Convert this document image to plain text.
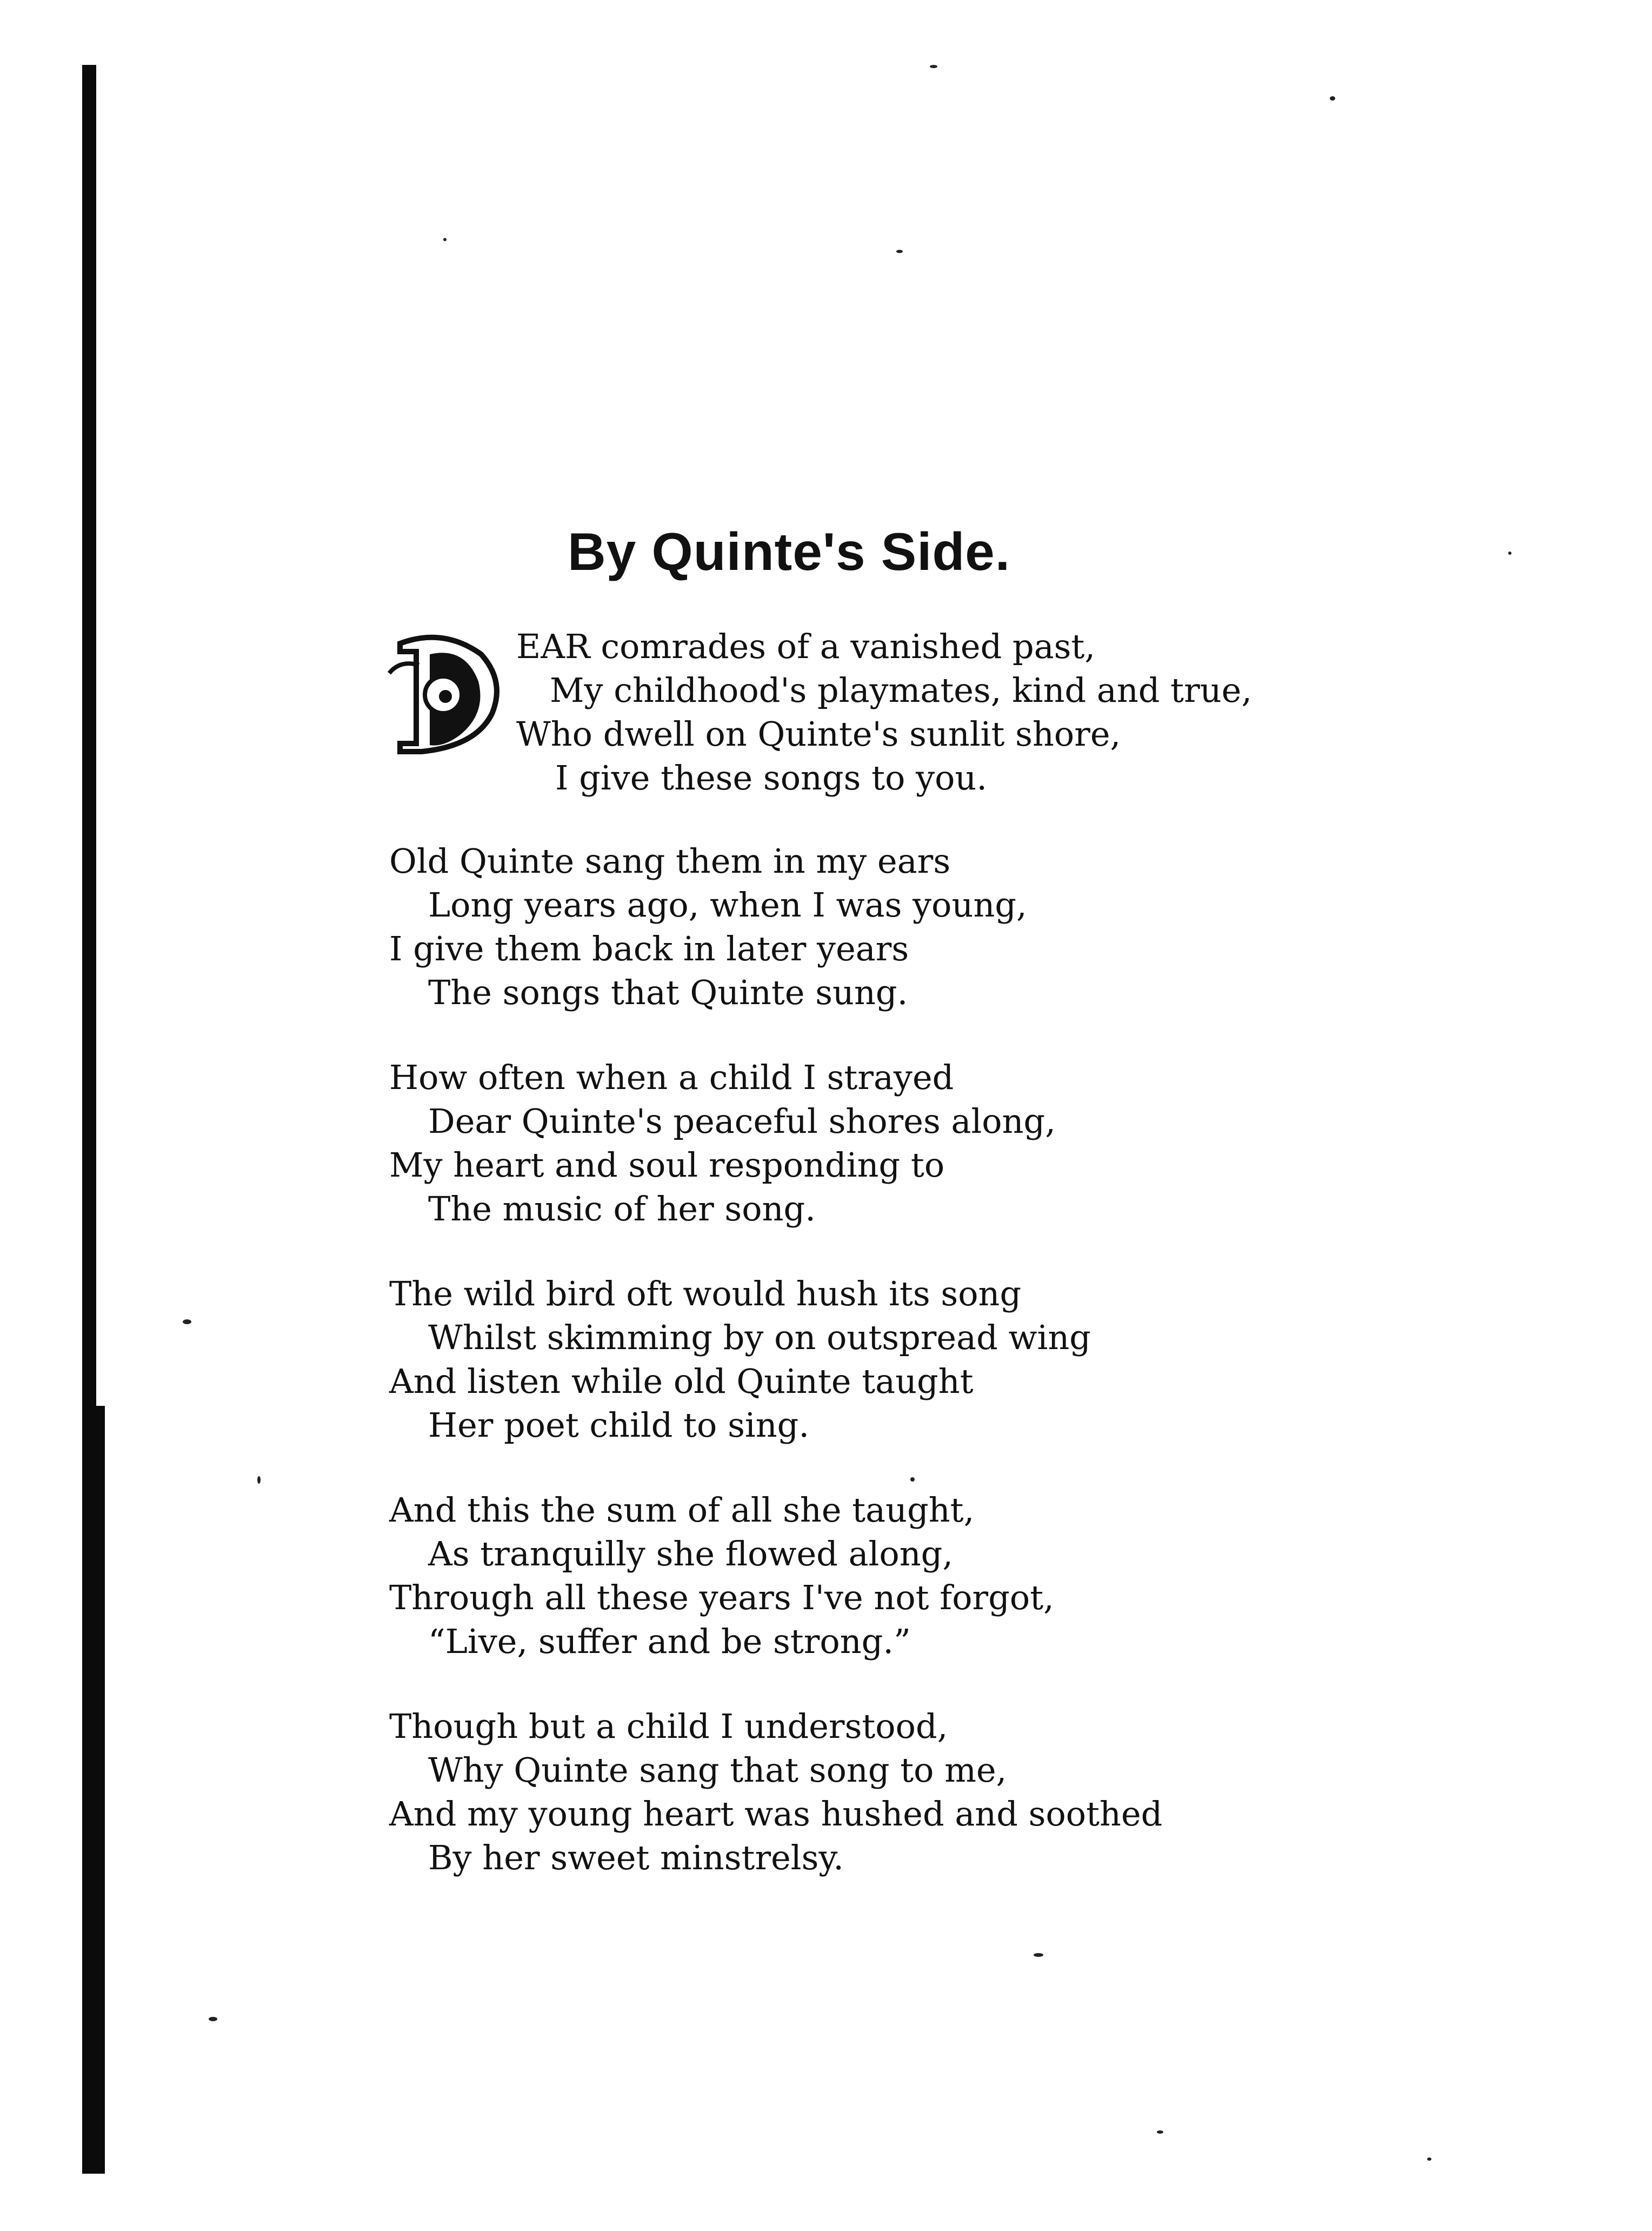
D
By Quinte's Side.
EAR comrades of a vanished past,
My childhood's playmates, kind and true,
Who dwell on Quinte's sunlit shore,
I give these songs to you.
Old Quinte sang them in my ears
Long years ago, when I was young,
I give them back in later years
The songs that Quinte sung.
How often when a child I strayed
Dear Quinte's peaceful shores along,
My heart and soul responding to
The music of her song.
The wild bird oft would hush its song
Whilst skimming by on outspread wing
And listen while old Quinte taught
Her poet child to sing.
And this the sum of all she taught,
As tranquilly she flowed along,
Through all these years I've not forgot,
“Live, suffer and be strong.”
Though but a child I understood,
Why Quinte sang that song to me,
And my young heart was hushed and soothed
By her sweet minstrelsy.
